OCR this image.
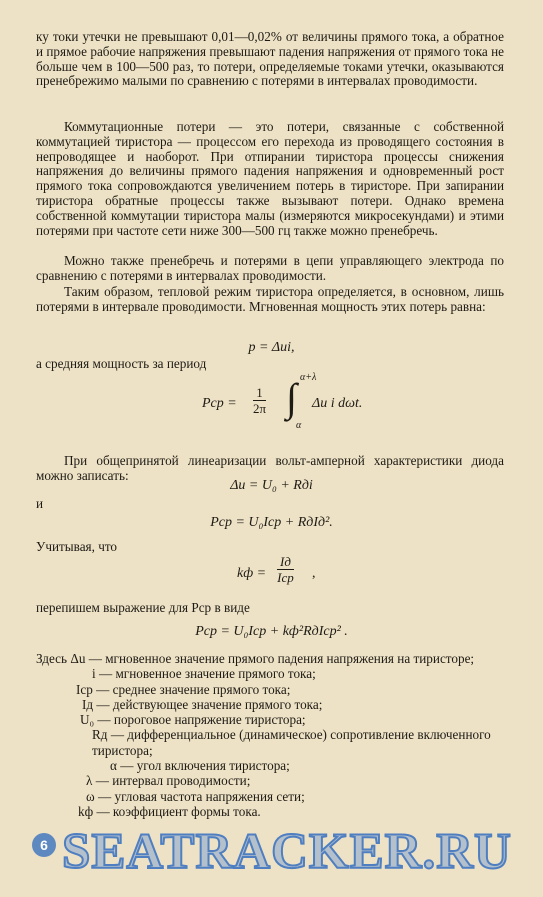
ку токи утечки не превышают 0,01—0,02% от величины прямого тока, а обратное и прямое рабочие напряжения превышают падения напряжения от прямого тока не больше чем в 100—500 раз, то потери, определяемые токами утечки, оказываются пренебрежимо малыми по сравнению с потерями в интервалах проводимости.

Коммутационные потери — это потери, связанные с собственной коммутацией тиристора — процессом его перехода из проводящего состояния в непроводящее и наоборот. При отпирании тиристора процессы снижения напряжения до величины прямого падения напряжения и одновременный рост прямого тока сопровождаются увеличением потерь в тиристоре. При запирании тиристора обратные процессы также вызывают потери. Однако времена собственной коммутации тиристора малы (измеряются микросекундами) и этими потерями при частоте сети ниже 300—500 гц также можно пренебречь.

Можно также пренебречь и потерями в цепи управляющего электрода по сравнению с потерями в интервалах проводимости.

Таким образом, тепловой режим тиристора определяется, в основном, лишь потерями в интервале проводимости. Мгновенная мощность этих потерь равна:

p = Δui,

а средняя мощность за период

Pср = $\frac{1}{2\pi}$ ∫ α+λ
α
Δu i dωt.

При общепринятой линеаризации вольт-амперной характеристики диода можно записать:

Δu = U₀ + Rдi

и

Pср = U₀Iср + RдIд².

Учитывая, что

kф =
Iд
Iср ,

перепишем выражение для Pср в виде

Pср = U₀Iср + kф²RдIср² .
Здесь Δu — мгновенное значение прямого падения напряжения на тиристоре;
i — мгновенное значение прямого тока;
Iср — среднее значение прямого тока;
Iд — действующее значение прямого тока;
U₀ — пороговое напряжение тиристора;
Rд — дифференциальное (динамическое) сопротивление включенного тиристора;
α — угол включения тиристора;
λ — интервал проводимости;
ω — угловая частота напряжения сети;
kф — коэффициент формы тока.
SEATRACKER.RU
6
